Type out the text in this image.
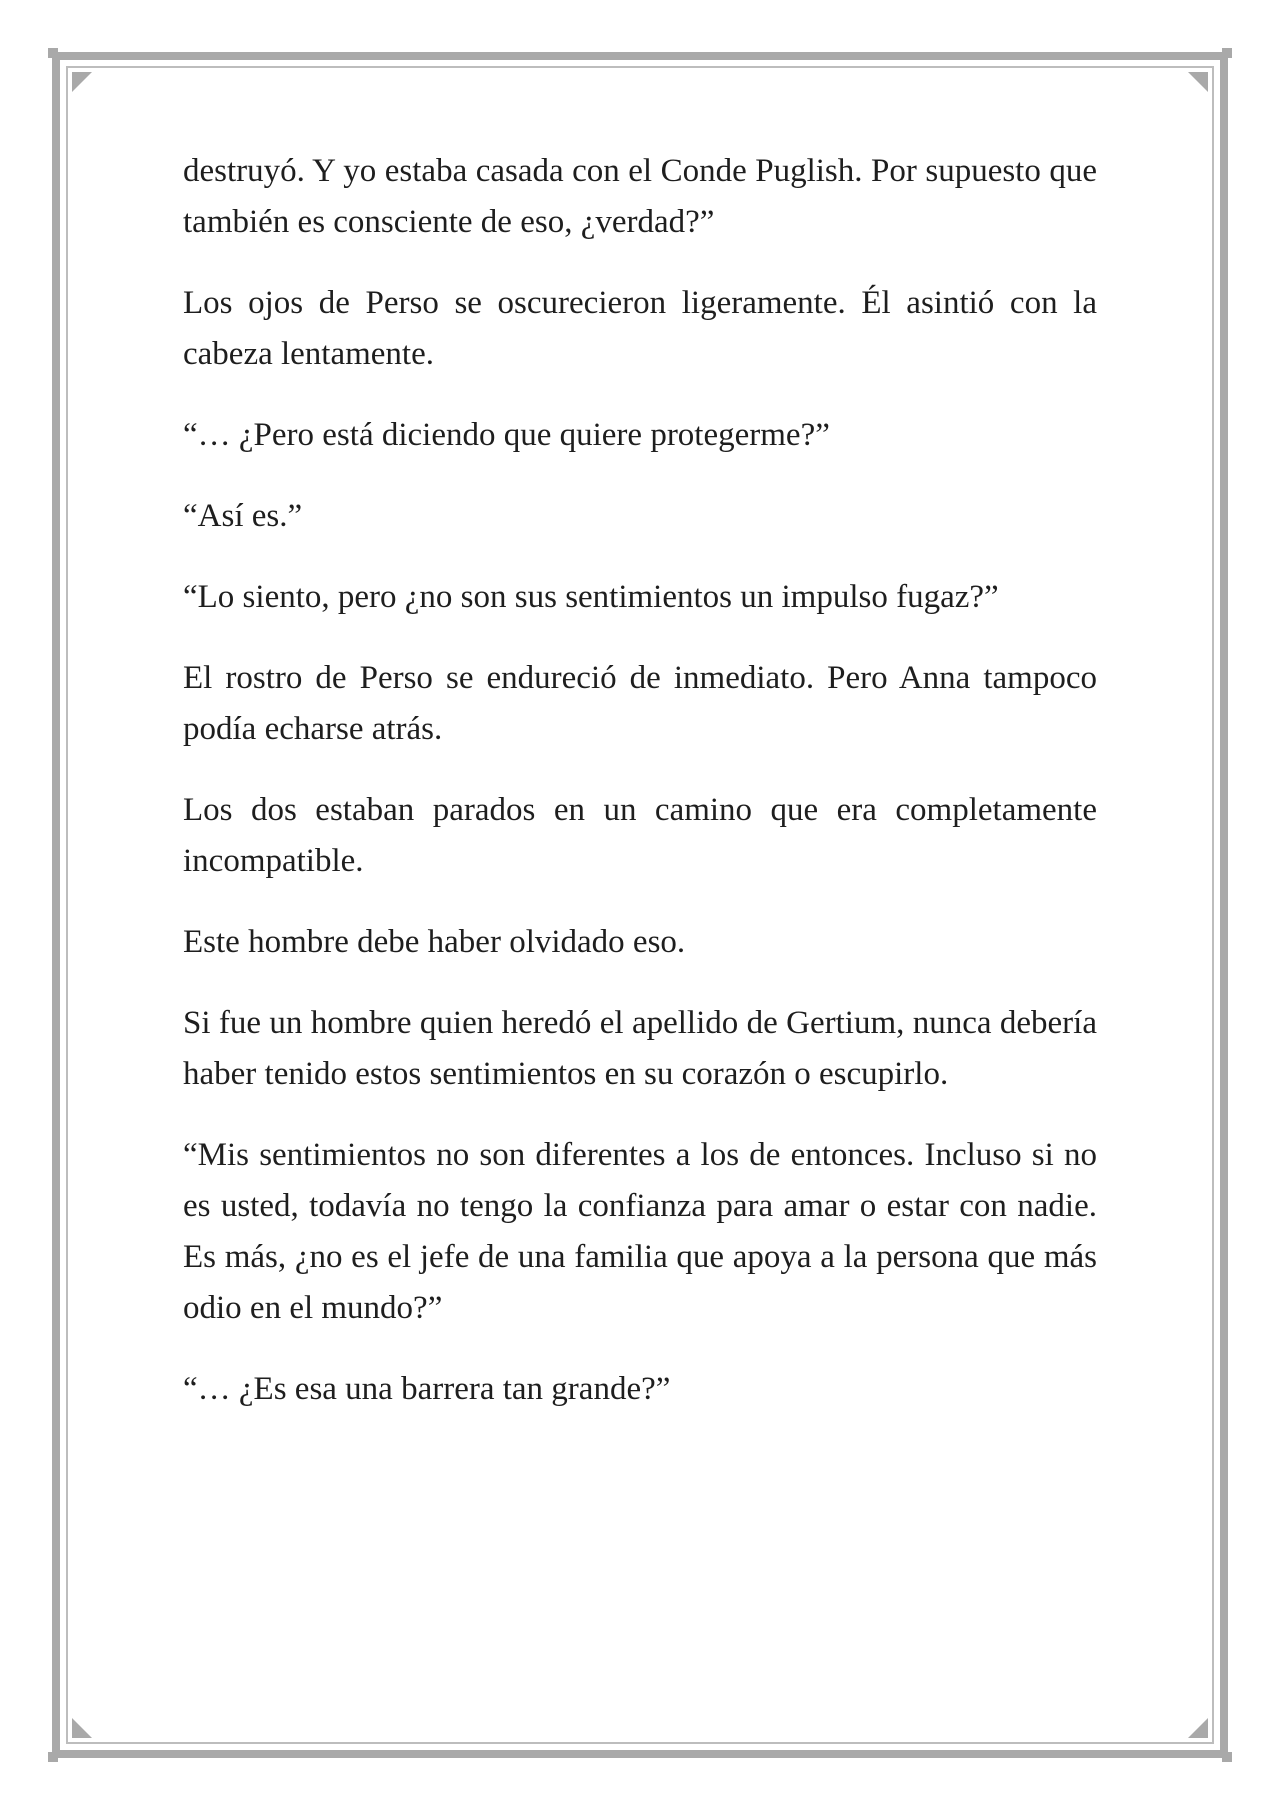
destruyó. Y yo estaba casada con el Conde Puglish. Por supuesto que también es consciente de eso, ¿verdad?”

Los ojos de Perso se oscurecieron ligeramente. Él asintió con la cabeza lentamente.

“… ¿Pero está diciendo que quiere protegerme?”

“Así es.”

“Lo siento, pero ¿no son sus sentimientos un impulso fugaz?”

El rostro de Perso se endureció de inmediato. Pero Anna tampoco podía echarse atrás.

Los dos estaban parados en un camino que era completamente incompatible.

Este hombre debe haber olvidado eso.

Si fue un hombre quien heredó el apellido de Gertium, nunca debería haber tenido estos sentimientos en su corazón o escupirlo.

“Mis sentimientos no son diferentes a los de entonces. Incluso si no es usted, todavía no tengo la confianza para amar o estar con nadie. Es más, ¿no es el jefe de una familia que apoya a la persona que más odio en el mundo?”

“… ¿Es esa una barrera tan grande?”
